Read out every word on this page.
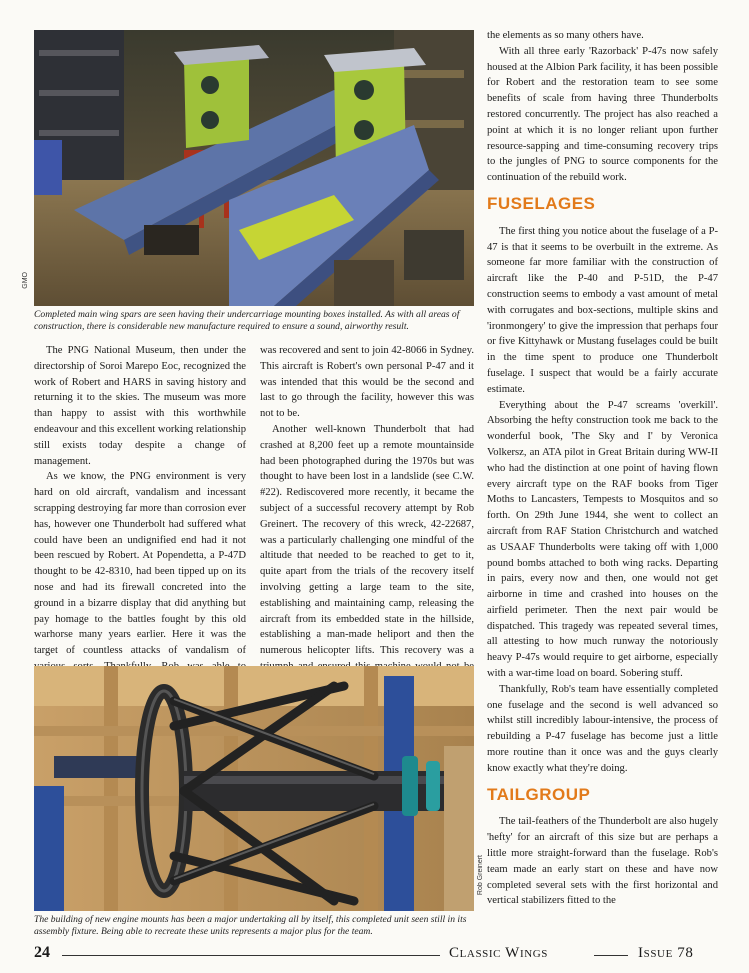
GMO
Completed main wing spars are seen having their undercarriage mounting boxes installed. As with all areas of construction, there is considerable new manufacture required to ensure a sound, airworthy result.

The PNG National Museum, then under the directorship of Soroi Marepo Eoc, recognized the work of Robert and HARS in saving history and returning it to the skies. The museum was more than happy to assist with this worthwhile endeavour and this excellent working relationship still exists today despite a change of management.

As we know, the PNG environment is very hard on old aircraft, vandalism and incessant scrapping destroying far more than corrosion ever has, however one Thunderbolt had suffered what could have been an undignified end had it not been rescued by Robert. At Popendetta, a P-47D thought to be 42-8310, had been tipped up on its nose and had its firewall concreted into the ground in a bizarre display that did anything but pay homage to the battles fought by this old warhorse many years earlier. Here it was the target of countless attacks of vandalism of

was recovered and sent to join 42-8066 in Sydney. This aircraft is Robert's own personal P-47 and it was intended that this would be the second and last to go through the facility, however this was not to be.

Another well-known Thunderbolt that had crashed at 8,200 feet up a remote mountainside had been photographed during the 1970s but was thought to have been lost in a landslide (see C.W. #22). Rediscovered more recently, it became the subject of a successful recovery attempt by Rob Greinert. The recovery of this wreck, 42-22687, was a particularly challenging one mindful of the altitude that needed to be reached to get to it, quite apart from the trials of the recovery itself involving getting a large team to the site, establishing and maintaining camp, releasing the aircraft from its embedded state in the hillside, establishing a man-made heliport and then the numerous helicopter lifts. This recovery was a

Rob Greinert
The building of new engine mounts has been a major undertaking all by itself, this completed unit seen still in its assembly fixture. Being able to recreate these units represents a major plus for the team.

the elements as so many others have.

With all three early 'Razorback' P-47s now safely housed at the Albion Park facility, it has been possible for Robert and the restoration team to see some benefits of scale from having three Thunderbolts restored concurrently. The project has also reached a point at which it is no longer reliant upon further resource-sapping and time-consuming recovery trips to the jungles of PNG to source components for the continuation of the rebuild work.

FUSELAGES

The first thing you notice about the fuselage of a P-47 is that it seems to be overbuilt in the extreme. As someone far more familiar with the construction of aircraft like the P-40 and P-51D, the P-47 construction seems to embody a vast amount of metal with corrugates and box-sections, multiple skins and 'ironmongery' to give the impression that perhaps four or five Kittyhawk or Mustang fuselages could be built in the time spent to produce one Thunderbolt fuselage. I suspect that would be a fairly accurate estimate.

Everything about the P-47 screams 'overkill'. Absorbing the hefty construction took me back to the wonderful book, 'The Sky and I' by Veronica Volkersz, an ATA pilot in Great Britain during WW-II who had the distinction at one point of having flown every aircraft type on the RAF books from Tiger Moths to Lancasters, Tempests to Mosquitos and so forth. On 29th June 1944, she went to collect an aircraft from RAF Station Christchurch and watched as USAAF Thunderbolts were taking off with 1,000 pound bombs attached to both wing racks. Departing in pairs, every now and then, one would not get airborne in time and crashed into houses on the airfield perimeter. Then the next pair would be dispatched. This tragedy was repeated several times, all attesting to how much runway the notoriously heavy P-47s would require to get airborne, especially with a war-time load on board. Sobering stuff.

Thankfully, Rob's team have essentially completed one fuselage and the second is well advanced so whilst still incredibly labour-intensive, the process of rebuilding a P-47 fuselage has become just a little more routine than it once was and the guys clearly know exactly what they're doing.

TAILGROUP

The tail-feathers of the Thunderbolt are also hugely 'hefty' for an aircraft of this size but are perhaps a little more straight-forward than the fuselage. Rob's team made an early start on these and have now completed several sets with the first horizontal and vertical stabilizers fitted to the

24	Classic Wings	Issue 78
